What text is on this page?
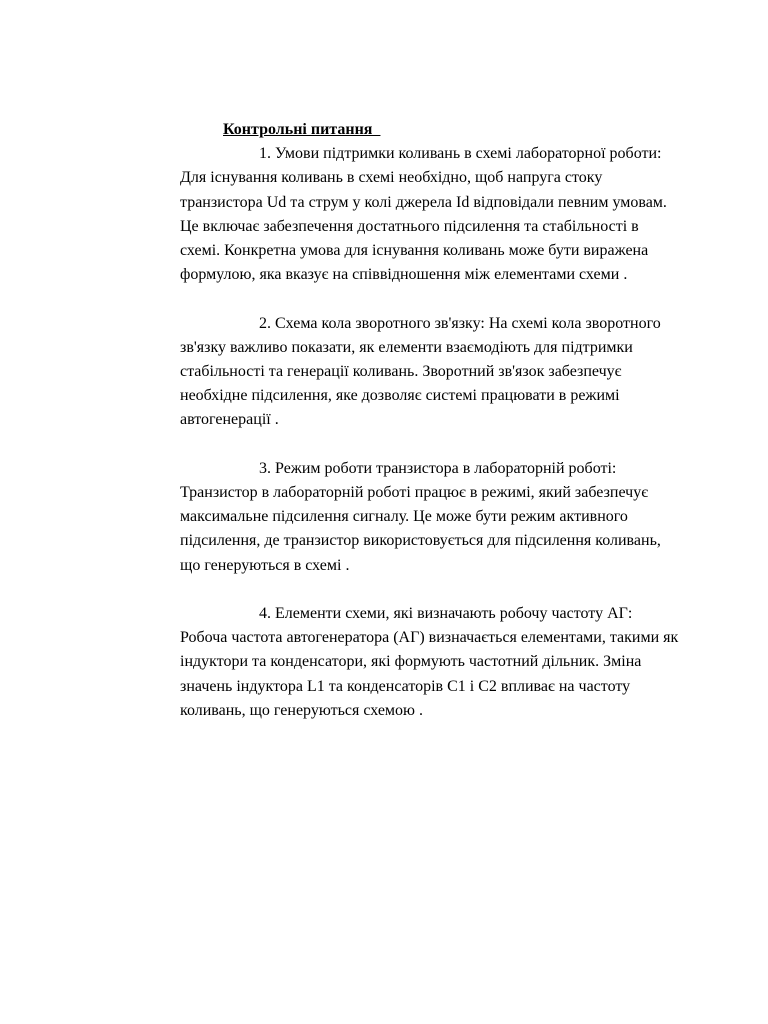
Контрольні питання

1. Умови підтримки коливань в схемі лабораторної роботи: Для існування коливань в схемі необхідно, щоб напруга стоку транзистора Ud та струм у колі джерела Id відповідали певним умовам. Це включає забезпечення достатнього підсилення та стабільності в схемі. Конкретна умова для існування коливань може бути виражена формулою, яка вказує на співвідношення між елементами схеми .

2. Схема кола зворотного зв'язку: На схемі кола зворотного зв'язку важливо показати, як елементи взаємодіють для підтримки стабільності та генерації коливань. Зворотний зв'язок забезпечує необхідне підсилення, яке дозволяє системі працювати в режимі автогенерації .

3. Режим роботи транзистора в лабораторній роботі: Транзистор в лабораторній роботі працює в режимі, який забезпечує максимальне підсилення сигналу. Це може бути режим активного підсилення, де транзистор використовується для підсилення коливань, що генеруються в схемі .

4. Елементи схеми, які визначають робочу частоту АГ: Робоча частота автогенератора (АГ) визначається елементами, такими як індуктори та конденсатори, які формують частотний дільник. Зміна значень індуктора L1 та конденсаторів C1 і C2 впливає на частоту коливань, що генеруються схемою .
